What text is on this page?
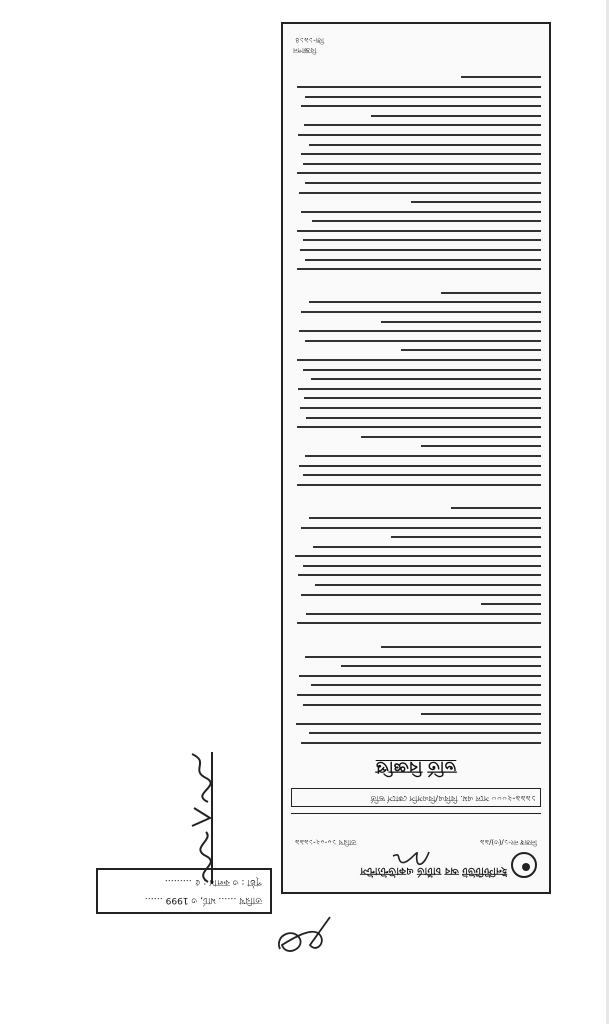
ইনস্টিটিউট অব চার্টার্ড একাউন্ট্যান্টস
নিজস্ব নং-১/(৩)/৯৯
তারিখ ১০-০২-১৯৯৯
১৯৯৯-২০০০ সনে এম. বিবিএ/বিএসসি কোর্সে ভর্তি
ভর্তি বিজ্ঞপ্তি
জি-১৯১৪
বিজ্ঞাপন
তারিখ …… মার্চ, ৩ 1999 ……
পৃষ্ঠা : ৩ কলাম : ৫ ………
